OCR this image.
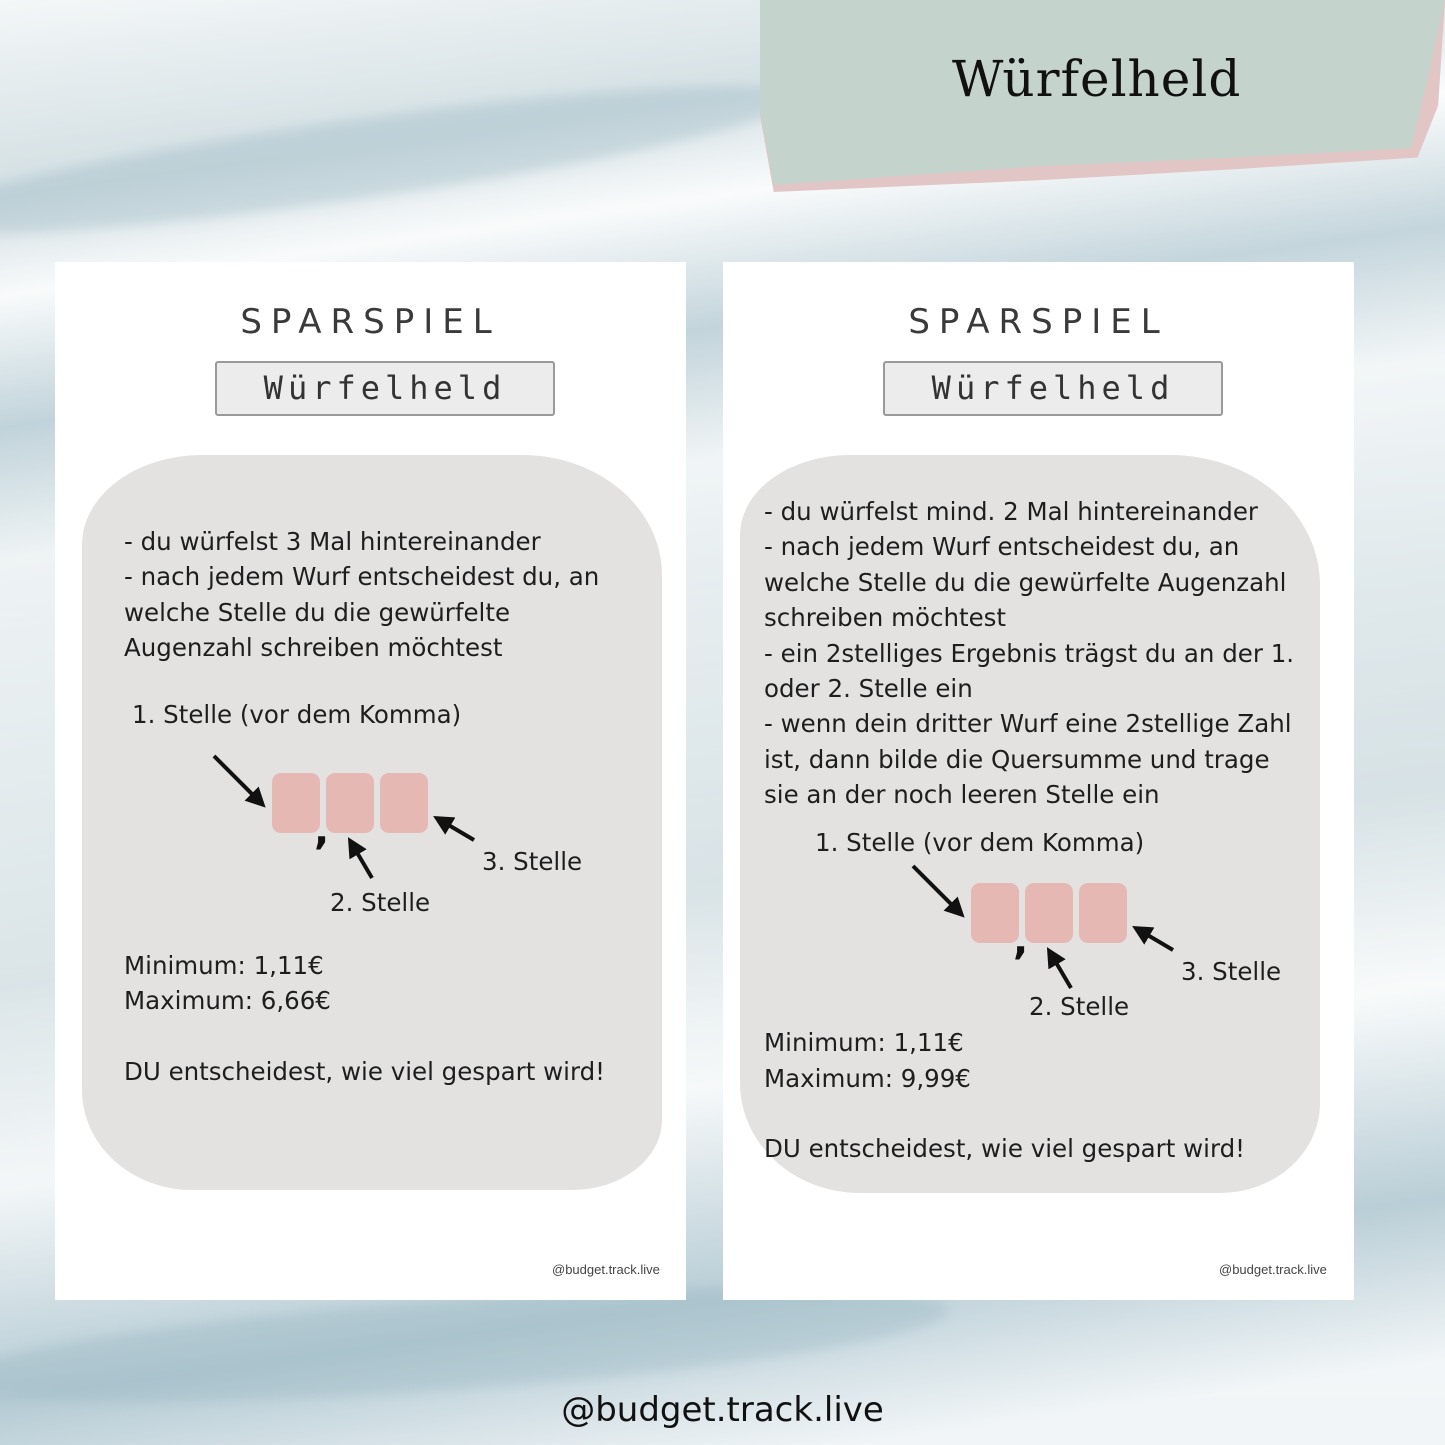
Würfelheld
SPARSPIEL
Würfelheld
- du würfelst 3 Mal hintereinander
- nach jedem Wurf entscheidest du, an
welche Stelle du die gewürfelte
Augenzahl schreiben möchtest
1. Stelle (vor dem Komma)
,
2. Stelle
3. Stelle
Minimum: 1,11€
Maximum: 6,66€
DU entscheidest, wie viel gespart wird!
@budget.track.live
SPARSPIEL
Würfelheld
- du würfelst mind. 2 Mal hintereinander
- nach jedem Wurf entscheidest du, an
welche Stelle du die gewürfelte Augenzahl
schreiben möchtest
- ein 2stelliges Ergebnis trägst du an der 1.
oder 2. Stelle ein
- wenn dein dritter Wurf eine 2stellige Zahl
ist, dann bilde die Quersumme und trage
sie an der noch leeren Stelle ein
1. Stelle (vor dem Komma)
,
2. Stelle
3. Stelle
Minimum: 1,11€
Maximum: 9,99€
DU entscheidest, wie viel gespart wird!
@budget.track.live
@budget.track.live
